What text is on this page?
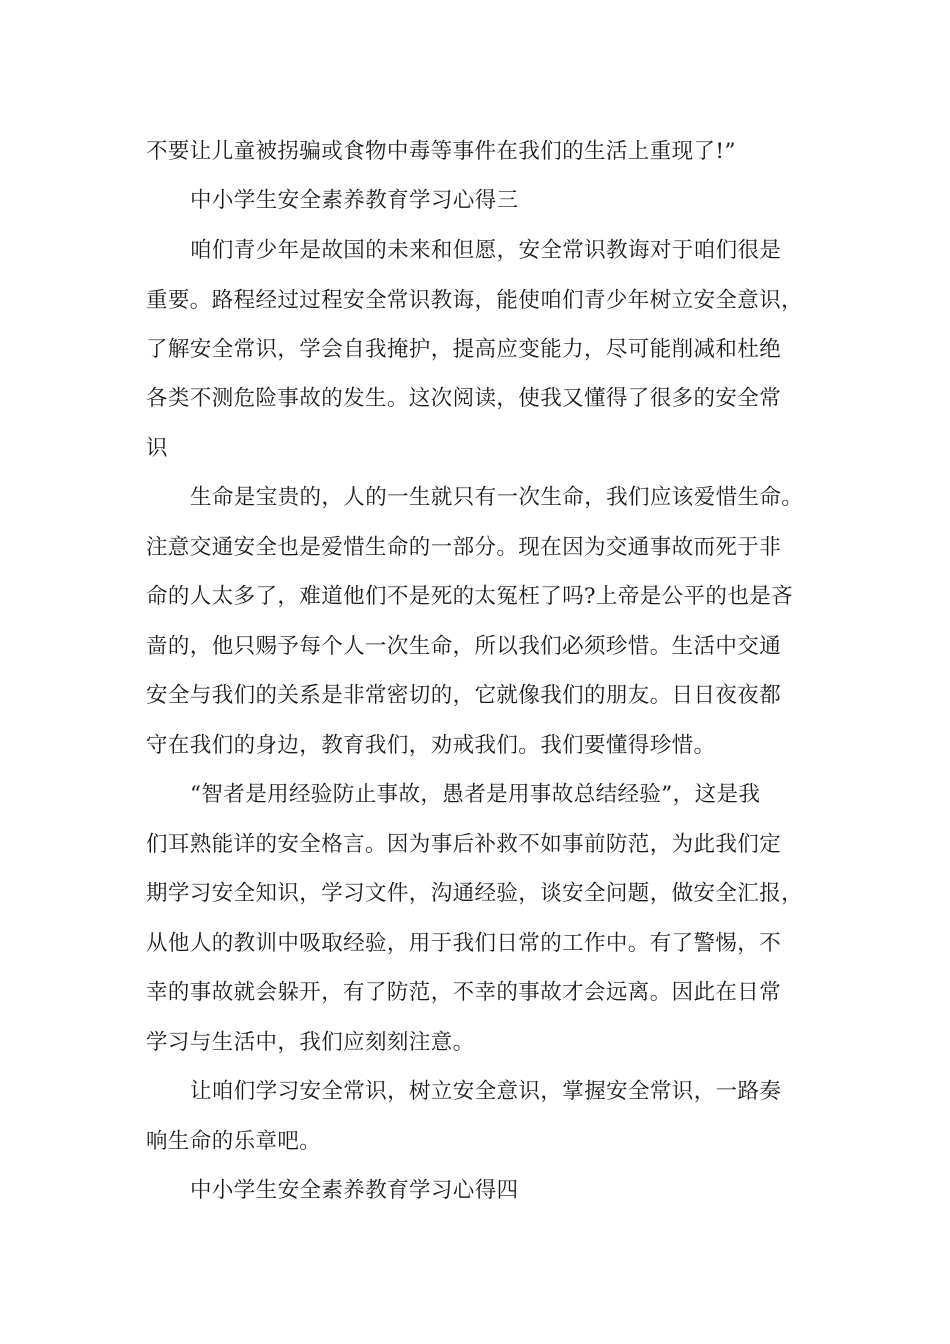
不要让儿童被拐骗或食物中毒等事件在我们的生活上重现了!”
中小学生安全素养教育学习心得三
咱们青少年是故国的未来和但愿，安全常识教诲对于咱们很是
重要。路程经过过程安全常识教诲，能使咱们青少年树立安全意识，
了解安全常识，学会自我掩护，提高应变能力，尽可能削减和杜绝
各类不测危险事故的发生。这次阅读，使我又懂得了很多的安全常
识
生命是宝贵的，人的一生就只有一次生命，我们应该爱惜生命。
注意交通安全也是爱惜生命的一部分。现在因为交通事故而死于非
命的人太多了，难道他们不是死的太冤枉了吗?上帝是公平的也是吝
啬的，他只赐予每个人一次生命，所以我们必须珍惜。生活中交通
安全与我们的关系是非常密切的，它就像我们的朋友。日日夜夜都
守在我们的身边，教育我们，劝戒我们。我们要懂得珍惜。
“智者是用经验防止事故，愚者是用事故总结经验”，这是我
们耳熟能详的安全格言。因为事后补救不如事前防范，为此我们定
期学习安全知识，学习文件，沟通经验，谈安全问题，做安全汇报，
从他人的教训中吸取经验，用于我们日常的工作中。有了警惕，不
幸的事故就会躲开，有了防范，不幸的事故才会远离。因此在日常
学习与生活中，我们应刻刻注意。
让咱们学习安全常识，树立安全意识，掌握安全常识，一路奏
响生命的乐章吧。
中小学生安全素养教育学习心得四
